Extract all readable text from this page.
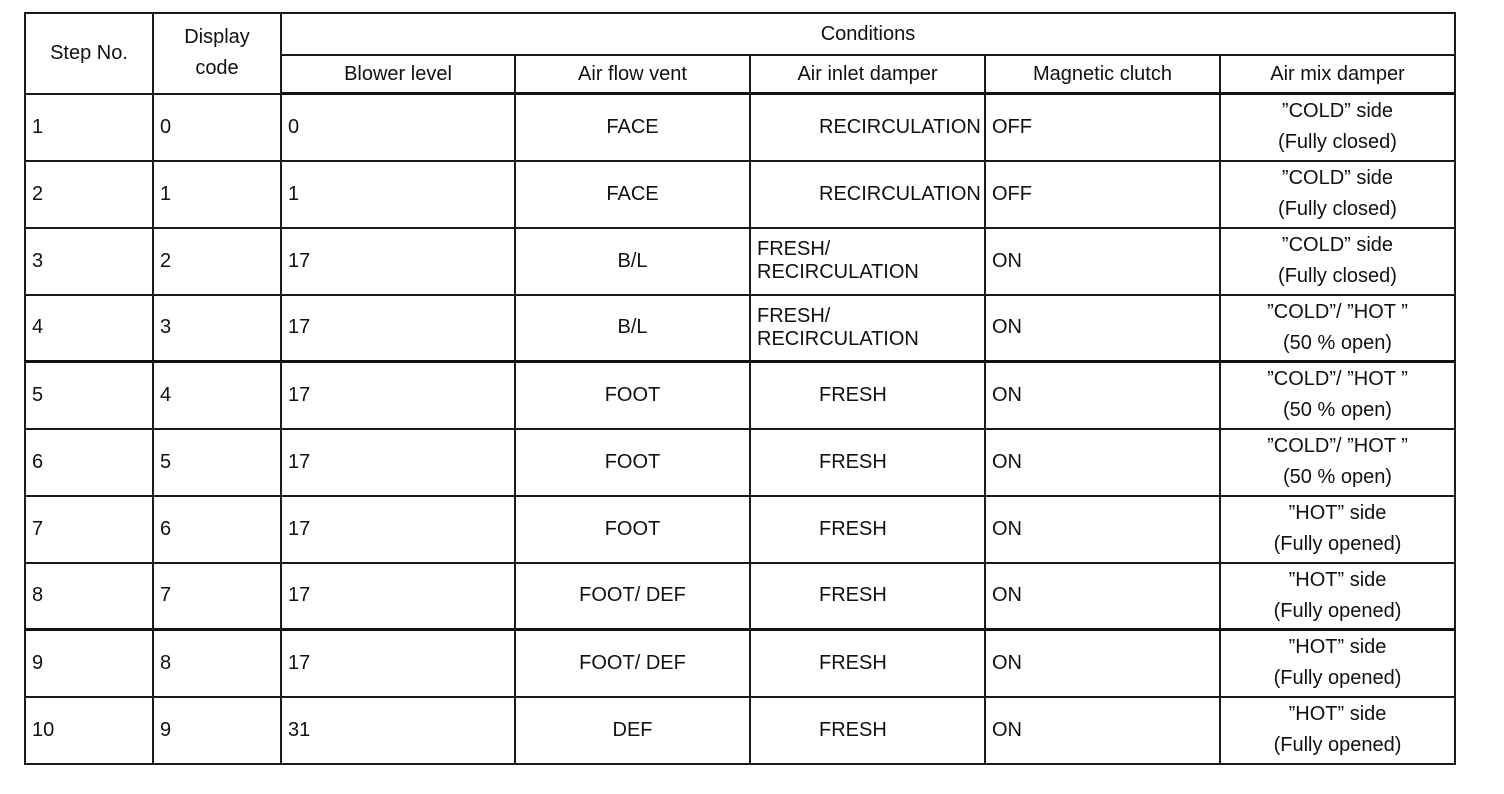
Step No.	Display
code	Conditions				
		Blower level	Air flow vent	Air inlet damper	Magnetic clutch	Air mix damper
1	0	0	FACE	RECIRCULATION	OFF	”COLD” side
(Fully closed)

2	1	1	FACE	RECIRCULATION	OFF	”COLD” side
(Fully closed)

3	2	17	B/L	FRESH/
RECIRCULATION	ON	”COLD” side
(Fully closed)

4	3	17	B/L	FRESH/
RECIRCULATION	ON	”COLD”/ ”HOT ”
(50 % open)

5	4	17	FOOT	FRESH	ON	”COLD”/ ”HOT ”
(50 % open)

6	5	17	FOOT	FRESH	ON	”COLD”/ ”HOT ”
(50 % open)

7	6	17	FOOT	FRESH	ON	”HOT” side
(Fully opened)

8	7	17	FOOT/ DEF	FRESH	ON	”HOT” side
(Fully opened)

9	8	17	FOOT/ DEF	FRESH	ON	”HOT” side
(Fully opened)

10	9	31	DEF	FRESH	ON	”HOT” side
(Fully opened)
